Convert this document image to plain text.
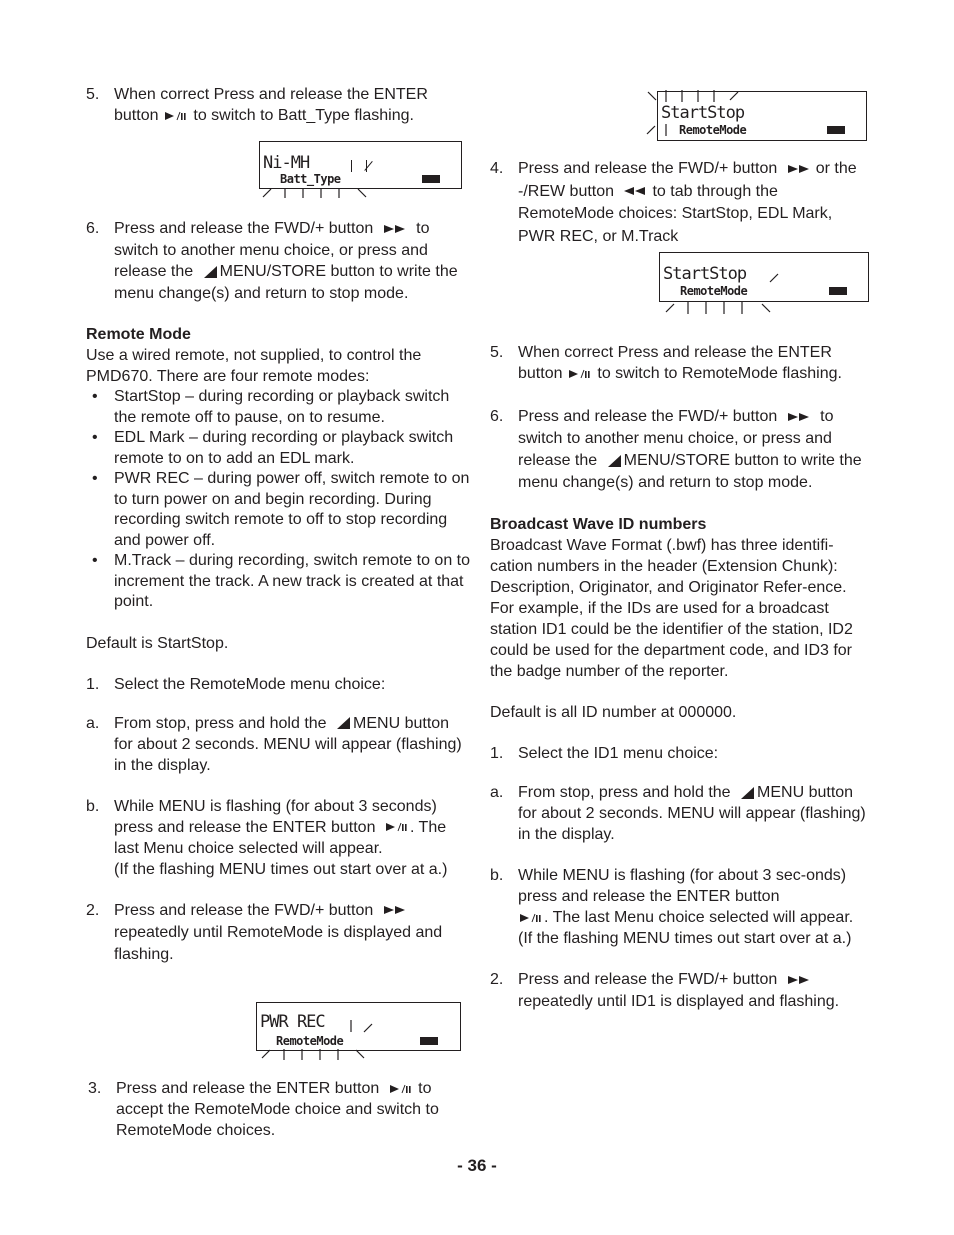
5. When correct Press and release the ENTER button to switch to Batt_Type flashing.
6. Press and release the FWD/+ button	to switch to another menu choice, or press and release the MENU/STORE button to write the menu change(s) and return to stop mode.
Remote Mode

Use a wired remote, not supplied, to control the PMD670. There are four remote modes:

•	StartStop – during recording or playback switch the remote off to pause, on to resume.
•	EDL Mark – during recording or playback switch remote to on to add an EDL mark.
•	PWR REC – during power off, switch remote to on to turn power on and begin recording. During recording switch remote to off to stop recording and power off.
•	M.Track – during recording, switch remote to on to increment the track. A new track is created at that point.

Default is StartStop.

1. Select the RemoteMode menu choice:
a. From stop, press and hold the MENU button for about 2 seconds. MENU will appear (flashing) in the display.
b. While MENU is flashing (for about 3 seconds) press and release the ENTER button . The last Menu choice selected will appear.
(If the flashing MENU times out start over at a.)
2. Press and release the FWD/+ button
repeatedly until RemoteMode is displayed and flashing.
3. Press and release the ENTER button to accept the RemoteMode choice and switch to RemoteMode choices.
Ni-MH
Batt_Type
PWR REC
RemoteMode
StartStop
RemoteMode
4. Press and release the FWD/+ button or the -/REW button to tab through the RemoteMode choices: StartStop, EDL Mark, PWR REC, or M.Track
5. When correct Press and release the ENTER button to switch to RemoteMode flashing.
6. Press and release the FWD/+ button	to switch to another menu choice, or press and release the MENU/STORE button to write the menu change(s) and return to stop mode.
Broadcast Wave ID numbers

Broadcast Wave Format (.bwf) has three identifi-cation numbers in the header (Extension Chunk): Description, Originator, and Originator Refer-ence.

For example, if the IDs are used for a broadcast station ID1 could be the identifier of the station, ID2 could be used for the department code, and ID3 for the badge number of the reporter.

Default is all ID number at 000000.

1. Select the ID1 menu choice:
a. From stop, press and hold the MENU button for about 2 seconds. MENU will appear (flashing) in the display.
b. While MENU is flashing (for about 3 sec-onds) press and release the ENTER button
. The last Menu choice selected will appear.
(If the flashing MENU times out start over at a.)
2. Press and release the FWD/+ button
repeatedly until ID1 is displayed and flashing.
StartStop
RemoteMode
- 36 -
